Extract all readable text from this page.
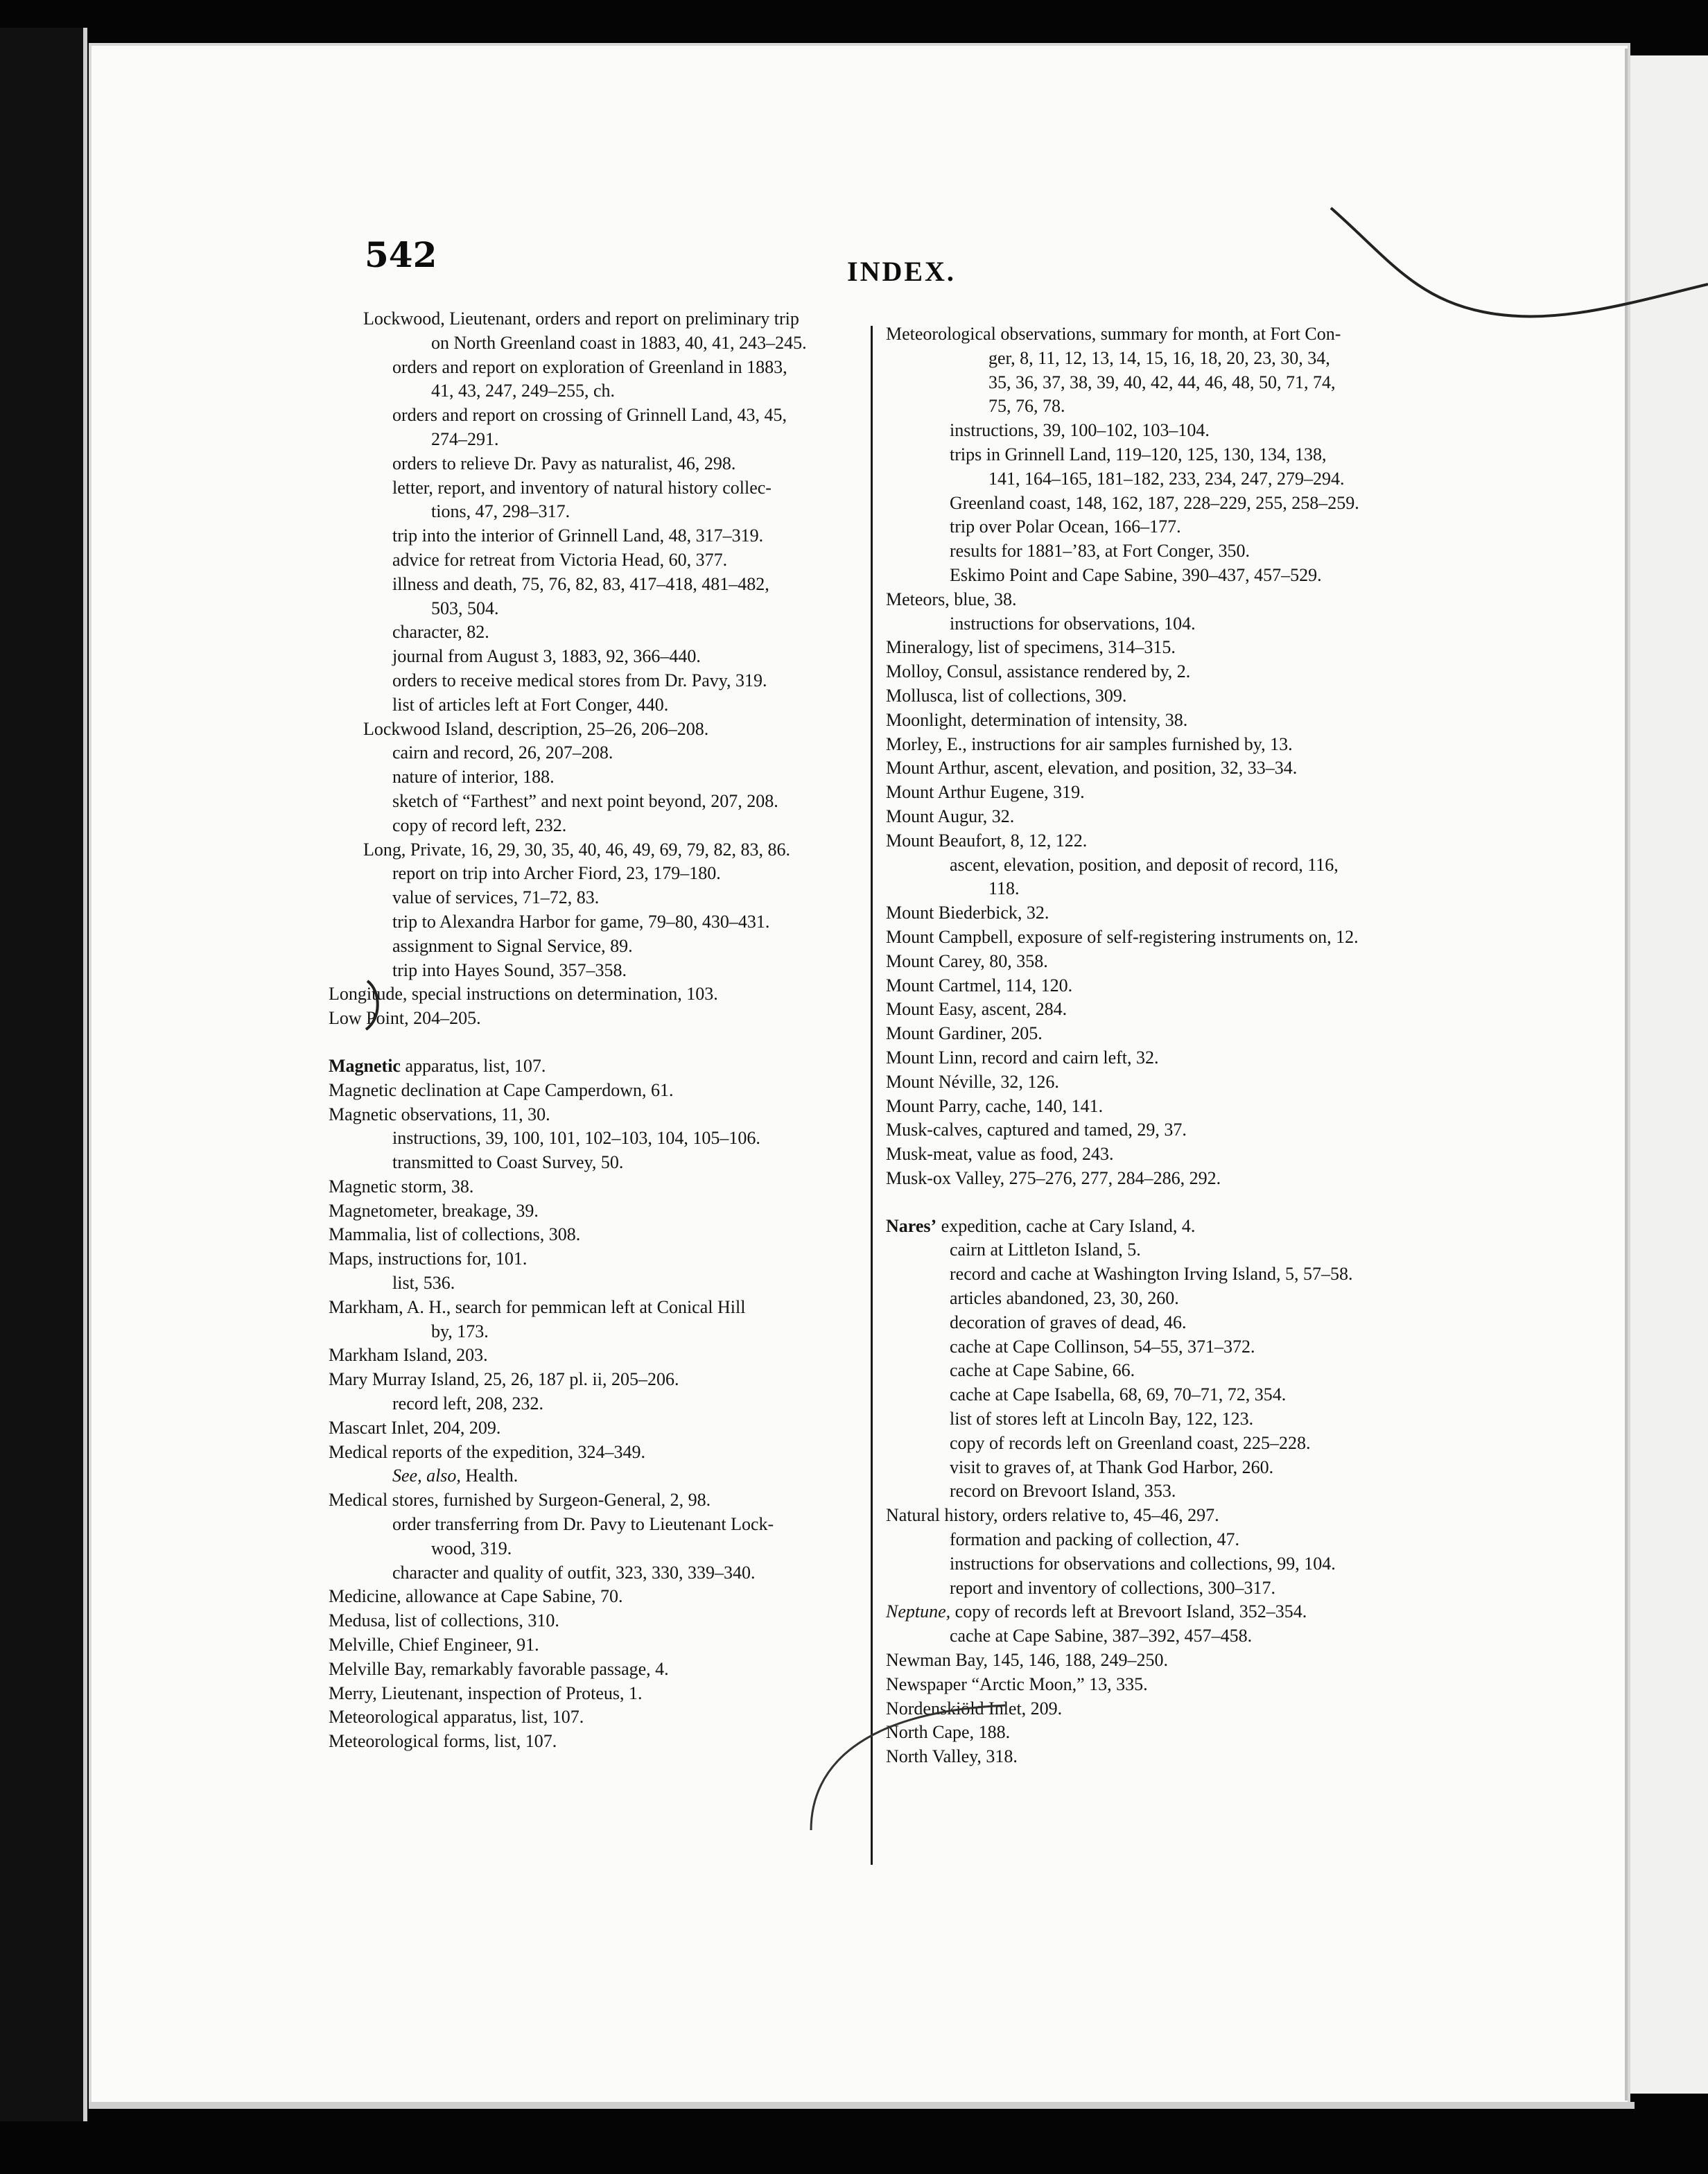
542	INDEX.
Lockwood, Lieutenant, orders and report on preliminary trip
on North Greenland coast in 1883, 40, 41, 243–245.
orders and report on exploration of Greenland in 1883,
41, 43, 247, 249–255, ch.
orders and report on crossing of Grinnell Land, 43, 45,
274–291.
orders to relieve Dr. Pavy as naturalist, 46, 298.
letter, report, and inventory of natural history collec-
tions, 47, 298–317.
trip into the interior of Grinnell Land, 48, 317–319.
advice for retreat from Victoria Head, 60, 377.
illness and death, 75, 76, 82, 83, 417–418, 481–482,
503, 504.
character, 82.
journal from August 3, 1883, 92, 366–440.
orders to receive medical stores from Dr. Pavy, 319.
list of articles left at Fort Conger, 440.
Lockwood Island, description, 25–26, 206–208.
cairn and record, 26, 207–208.
nature of interior, 188.
sketch of “Farthest” and next point beyond, 207, 208.
copy of record left, 232.
Long, Private, 16, 29, 30, 35, 40, 46, 49, 69, 79, 82, 83, 86.
report on trip into Archer Fiord, 23, 179–180.
value of services, 71–72, 83.
trip to Alexandra Harbor for game, 79–80, 430–431.
assignment to Signal Service, 89.
trip into Hayes Sound, 357–358.
Longitude, special instructions on determination, 103.
Low Point, 204–205.
Magnetic apparatus, list, 107.
Magnetic declination at Cape Camperdown, 61.
Magnetic observations, 11, 30.
instructions, 39, 100, 101, 102–103, 104, 105–106.
transmitted to Coast Survey, 50.
Magnetic storm, 38.
Magnetometer, breakage, 39.
Mammalia, list of collections, 308.
Maps, instructions for, 101.
list, 536.
Markham, A. H., search for pemmican left at Conical Hill
by, 173.
Markham Island, 203.
Mary Murray Island, 25, 26, 187 pl. ii, 205–206.
record left, 208, 232.
Mascart Inlet, 204, 209.
Medical reports of the expedition, 324–349.
See, also, Health.
Medical stores, furnished by Surgeon-General, 2, 98.
order transferring from Dr. Pavy to Lieutenant Lock-
wood, 319.
character and quality of outfit, 323, 330, 339–340.
Medicine, allowance at Cape Sabine, 70.
Medusa, list of collections, 310.
Melville, Chief Engineer, 91.
Melville Bay, remarkably favorable passage, 4.
Merry, Lieutenant, inspection of Proteus, 1.
Meteorological apparatus, list, 107.
Meteorological forms, list, 107.
Meteorological observations, summary for month, at Fort Con-
ger, 8, 11, 12, 13, 14, 15, 16, 18, 20, 23, 30, 34,
35, 36, 37, 38, 39, 40, 42, 44, 46, 48, 50, 71, 74,
75, 76, 78.
instructions, 39, 100–102, 103–104.
trips in Grinnell Land, 119–120, 125, 130, 134, 138,
141, 164–165, 181–182, 233, 234, 247, 279–294.
Greenland coast, 148, 162, 187, 228–229, 255, 258–259.
trip over Polar Ocean, 166–177.
results for 1881–’83, at Fort Conger, 350.
Eskimo Point and Cape Sabine, 390–437, 457–529.
Meteors, blue, 38.
instructions for observations, 104.
Mineralogy, list of specimens, 314–315.
Molloy, Consul, assistance rendered by, 2.
Mollusca, list of collections, 309.
Moonlight, determination of intensity, 38.
Morley, E., instructions for air samples furnished by, 13.
Mount Arthur, ascent, elevation, and position, 32, 33–34.
Mount Arthur Eugene, 319.
Mount Augur, 32.
Mount Beaufort, 8, 12, 122.
ascent, elevation, position, and deposit of record, 116,
118.
Mount Biederbick, 32.
Mount Campbell, exposure of self-registering instruments on, 12.
Mount Carey, 80, 358.
Mount Cartmel, 114, 120.
Mount Easy, ascent, 284.
Mount Gardiner, 205.
Mount Linn, record and cairn left, 32.
Mount Néville, 32, 126.
Mount Parry, cache, 140, 141.
Musk-calves, captured and tamed, 29, 37.
Musk-meat, value as food, 243.
Musk-ox Valley, 275–276, 277, 284–286, 292.
Nares’ expedition, cache at Cary Island, 4.
cairn at Littleton Island, 5.
record and cache at Washington Irving Island, 5, 57–58.
articles abandoned, 23, 30, 260.
decoration of graves of dead, 46.
cache at Cape Collinson, 54–55, 371–372.
cache at Cape Sabine, 66.
cache at Cape Isabella, 68, 69, 70–71, 72, 354.
list of stores left at Lincoln Bay, 122, 123.
copy of records left on Greenland coast, 225–228.
visit to graves of, at Thank God Harbor, 260.
record on Brevoort Island, 353.
Natural history, orders relative to, 45–46, 297.
formation and packing of collection, 47.
instructions for observations and collections, 99, 104.
report and inventory of collections, 300–317.
Neptune, copy of records left at Brevoort Island, 352–354.
cache at Cape Sabine, 387–392, 457–458.
Newman Bay, 145, 146, 188, 249–250.
Newspaper “Arctic Moon,” 13, 335.
Nordenskiöld Inlet, 209.
North Cape, 188.
North Valley, 318.
